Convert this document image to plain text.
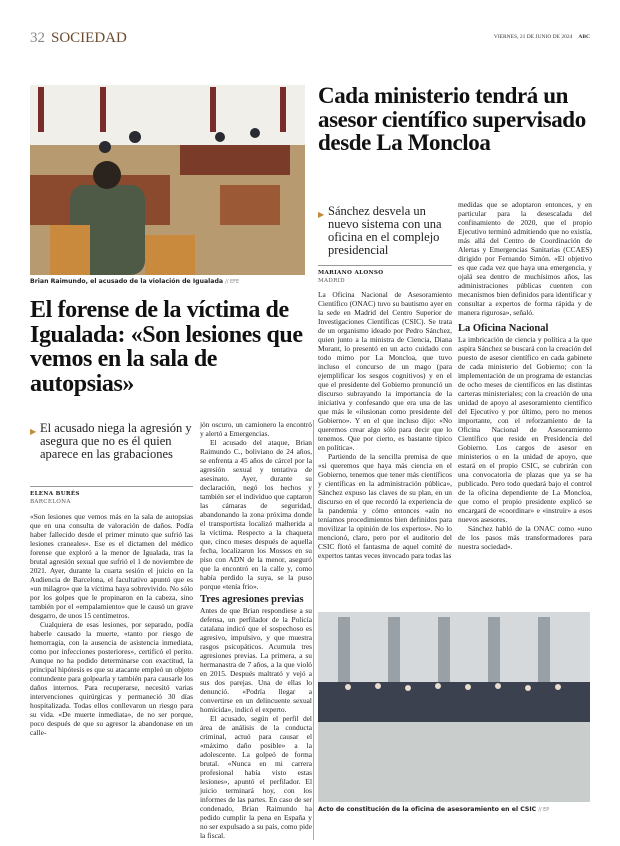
32 SOCIEDAD	VIERNES, 21 DE JUNIO DE 2024 ABC
Brian Raimundo, el acusado de la violación de Igualada // EFE
El forense de la víctima de Igualada: «Son lesiones que vemos en la sala de autopsias»
▶ El acusado niega la agresión y asegura que no es él quien aparece en las grabaciones
ELENA BURÉS
BARCELONA

«Son lesiones que vemos más en la sala de autopsias que en una consulta de valoración de daños. Podía haber fallecido desde el primer minuto que sufrió las lesiones craneales». Ese es el dictamen del médico forense que exploró a la menor de Igualada, tras la brutal agresión sexual que sufrió el 1 de noviembre de 2021. Ayer, durante la cuarta sesión el juicio en la Audiencia de Barcelona, el facultativo apuntó que es «un milagro» que la víctima haya sobrevivido. No sólo por los golpes que le propinaron en la cabeza, sino también por el «empalamiento» que le causó un grave desgarro, de unos 15 centímetros.

Cualquiera de esas lesiones, por separado, podía haberle causado la muerte, «tanto por riesgo de hemorragia, con la ausencia de asistencia inmediata, como por infecciones posteriores», certificó el perito. Aunque no ha podido determinarse con exactitud, la principal hipótesis es que su atacante empleó un objeto contundente para golpearla y también para causarle los daños internos. Para recuperarse, necesitó varias intervenciones quirúrgicas y permaneció 30 días hospitalizada. Todas ellos conllevaron un riesgo para su vida. «De muerte inmediata», de no ser porque, poco después de que su agresor la abandonase en un calle-

jón oscuro, un camionero la encontró y alertó a Emergencias.

El acusado del ataque, Brian Raimundo C., boliviano de 24 años, se enfrenta a 45 años de cárcel por la agresión sexual y tentativa de asesinato. Ayer, durante su declaración, negó los hechos y también ser el individuo que captaron las cámaras de seguridad, abandonando la zona próxima donde el transportista localizó malherida a la víctima. Respecto a la chaqueta que, cinco meses después de aquella fecha, localizaron los Mossos en su piso con ADN de la menor, aseguró que la encontró en la calle y, como había perdido la suya, se la puso porque «tenía frío».

Tres agresiones previas

Antes de que Brian respondiese a su defensa, un perfilador de la Policía catalana indicó que el sospechoso es agresivo, impulsivo, y que muestra rasgos psicopáticos. Acumula tres agresiones previas. La primera, a su hermanastra de 7 años, a la que violó en 2015. Después maltrató y vejó a sus dos parejas. Una de ellas lo denunció. «Podría llegar a convertirse en un delincuente sexual homicida», indicó el experto.

El acusado, según el perfil del área de análisis de la conducta criminal, actuó para causar el «máximo daño posible» a la adolescente. La golpeó de forma brutal. «Nunca en mi carrera profesional había visto estas lesiones», apuntó el perfilador. El juicio terminará hoy, con los informes de las partes. En caso de ser condenado, Brian Raimundo ha pedido cumplir la pena en España y no ser expulsado a su país, como pide la fiscal.

Cada ministerio tendrá un asesor científico supervisado desde La Moncloa
▶ Sánchez desvela un nuevo sistema con una oficina en el complejo presidencial
MARIANO ALONSO
MADRID

La Oficina Nacional de Asesoramiento Científico (ONAC) tuvo su bautismo ayer en la sede en Madrid del Centro Superior de Investigaciones Científicas (CSIC). Se trata de un organismo ideado por Pedro Sánchez, quien junto a la ministra de Ciencia, Diana Morant, lo presentó en un acto cuidado con todo mimo por La Moncloa, que tuvo incluso el concurso de un mago (para ejemplificar los sesgos cognitivos) y en el que el presidente del Gobierno pronunció un discurso subrayando la importancia de la iniciativa y confesando que era una de las que más le «ilusionan como presidente del Gobierno». Y en el que incluso dijo: «No queremos crear algo sólo para decir que lo tenemos. Que por cierto, es bastante típico en política».

Partiendo de la sencilla premisa de que «si queremos que haya más ciencia en el Gobierno, tenemos que tener más científicos y científicas en la administración pública», Sánchez expuso las claves de su plan, en un discurso en el que recordó la experiencia de la pandemia y cómo entonces «aún no teníamos procedimientos bien definidos para movilizar la opinión de los expertos». No lo mencionó, claro, pero por el auditorio del CSIC flotó el fantasma de aquel comité de expertos tantas veces invocado para todas las

medidas que se adoptaron entonces, y en particular para la desescalada del confinamiento de 2020, que el propio Ejecutivo terminó admitiendo que no existía, más allá del Centro de Coordinación de Alertas y Emergencias Sanitarias (CCAES) dirigido por Fernando Simón. «El objetivo es que cada vez que haya una emergencia, y ojalá sea dentro de muchísimos años, las administraciones públicas cuenten con mecanismos bien definidos para identificar y consultar a expertos de forma rápida y de manera rigurosa», señaló.

La Oficina Nacional

La imbricación de ciencia y política a la que aspira Sánchez se buscará con la creación del puesto de asesor científico en cada gabinete de cada ministerio del Gobierno; con la implementación de un programa de estancias de ocho meses de científicos en las distintas carteras ministeriales; con la creación de una unidad de apoyo al asesoramiento científico del Ejecutivo y por último, pero no menos importante, con el reforzamiento de la Oficina Nacional de Asesoramiento Científico que reside en Presidencia del Gobierno. Los cargos de asesor en ministerios o en la unidad de apoyo, que estará en el propio CSIC, se cubrirán con una convocatoria de plazas que ya se ha publicado. Pero todo quedará bajo el control de la oficina dependiente de La Moncloa, que como el propio presidente explicó se encargará de «coordinar» e «instruir» a esos nuevos asesores.

Sánchez habló de la ONAC como «uno de los pasos más transformadores para nuestra sociedad».

Acto de constitución de la oficina de asesoramiento en el CSIC // EP
